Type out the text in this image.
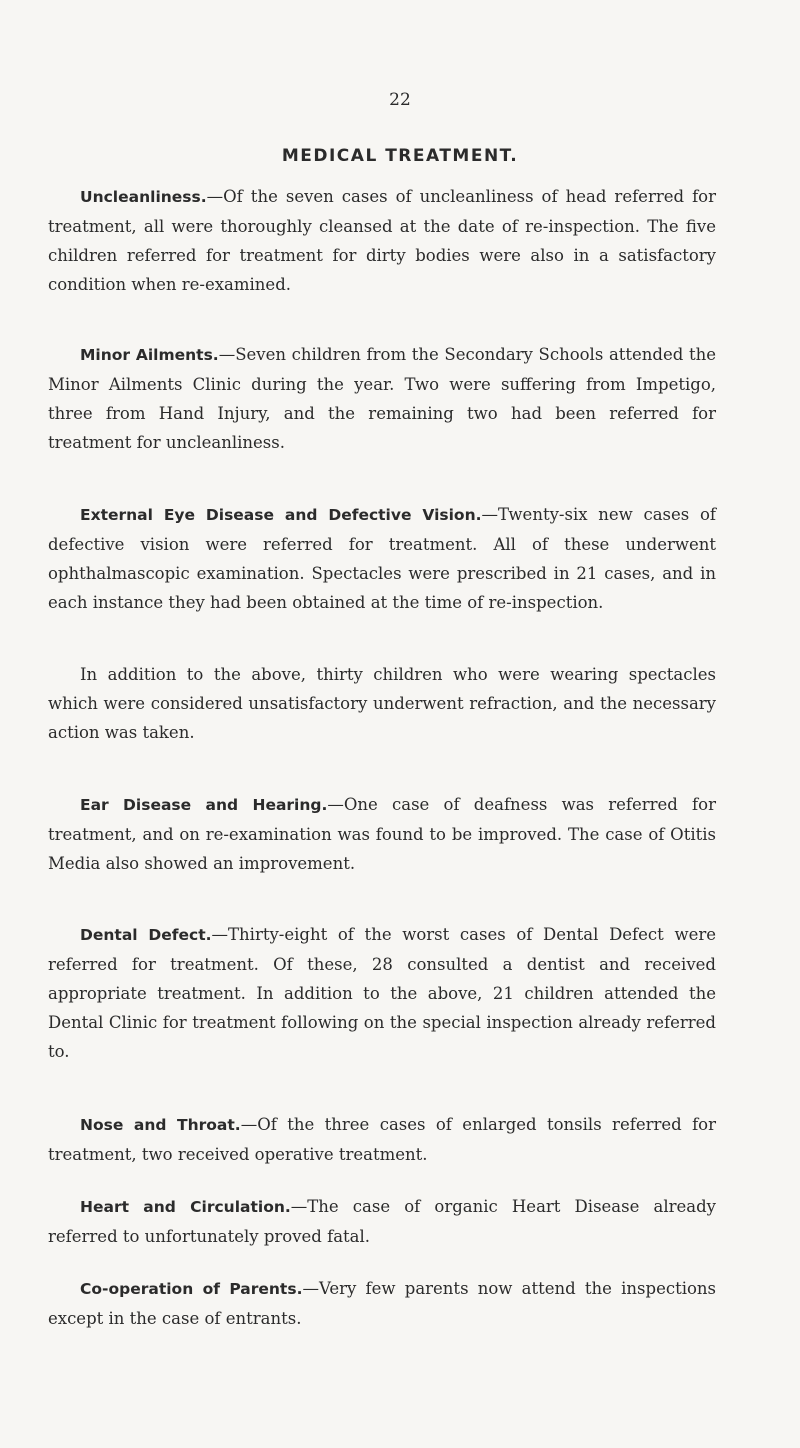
22
MEDICAL TREATMENT.

Uncleanliness.—Of the seven cases of uncleanliness of head referred for treatment, all were thoroughly cleansed at the date of re-inspection. The five children referred for treatment for dirty bodies were also in a satisfactory condition when re-examined.

Minor Ailments.—Seven children from the Secondary Schools attended the Minor Ailments Clinic during the year. Two were suffering from Impetigo, three from Hand Injury, and the remaining two had been referred for treatment for uncleanliness.

External Eye Disease and Defective Vision.—Twenty-six new cases of defective vision were referred for treatment. All of these underwent ophthalmascopic examination. Spectacles were prescribed in 21 cases, and in each instance they had been obtained at the time of re-inspection.

In addition to the above, thirty children who were wearing spectacles which were considered unsatisfactory underwent refraction, and the necessary action was taken.

Ear Disease and Hearing.—One case of deafness was referred for treatment, and on re-examination was found to be improved. The case of Otitis Media also showed an improvement.

Dental Defect.—Thirty-eight of the worst cases of Dental Defect were referred for treatment. Of these, 28 consulted a dentist and received appropriate treatment. In addition to the above, 21 children attended the Dental Clinic for treatment following on the special inspection already referred to.

Nose and Throat.—Of the three cases of enlarged tonsils referred for treatment, two received operative treatment.

Heart and Circulation.—The case of organic Heart Disease already referred to unfortunately proved fatal.

Co-operation of Parents.—Very few parents now attend the inspections except in the case of entrants.
